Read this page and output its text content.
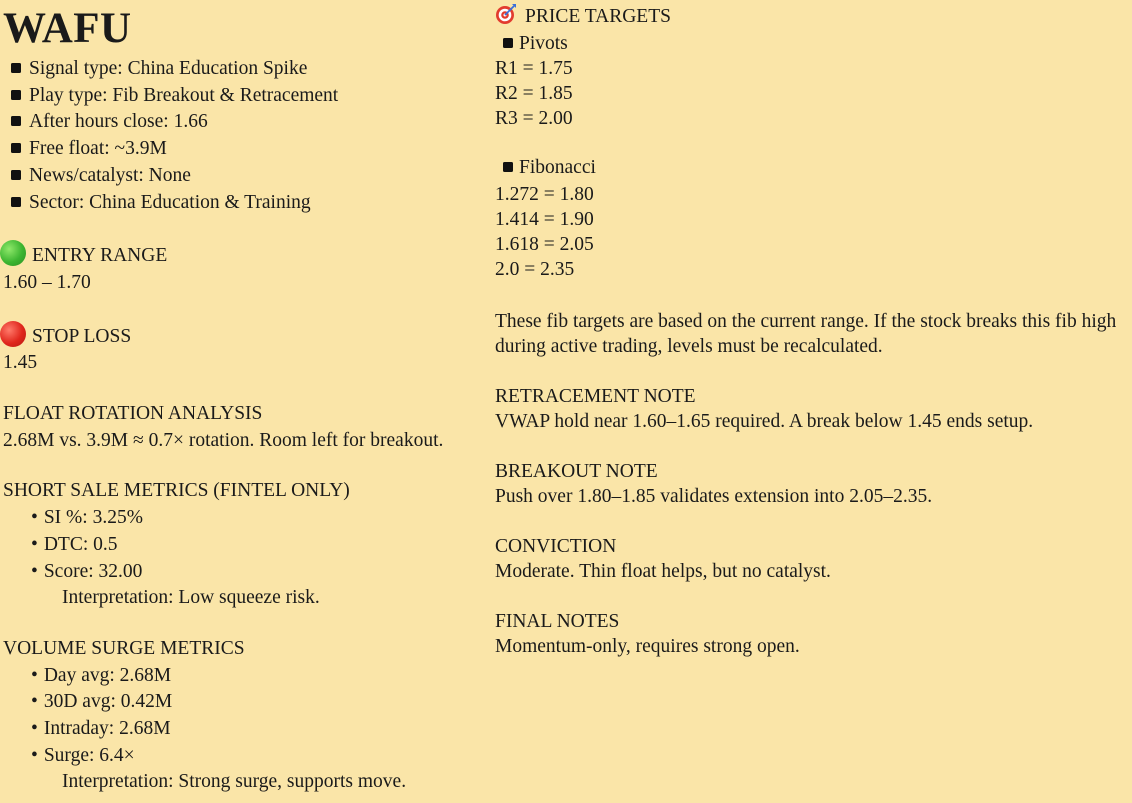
WAFU
Signal type: China Education Spike
Play type: Fib Breakout & Retracement
After hours close: 1.66
Free float: ~3.9M
News/catalyst: None
Sector: China Education & Training
ENTRY RANGE
1.60 – 1.70
STOP LOSS
1.45
FLOAT ROTATION ANALYSIS
2.68M vs. 3.9M ≈ 0.7× rotation. Room left for breakout.
SHORT SALE METRICS (FINTEL ONLY)
• SI %: 3.25%
• DTC: 0.5
• Score: 32.00
Interpretation: Low squeeze risk.
VOLUME SURGE METRICS
• Day avg: 2.68M
• 30D avg: 0.42M
• Intraday: 2.68M
• Surge: 6.4×
Interpretation: Strong surge, supports move.
PRICE TARGETS
Pivots
R1 = 1.75
R2 = 1.85
R3 = 2.00
Fibonacci
1.272 = 1.80
1.414 = 1.90
1.618 = 2.05
2.0 = 2.35
These fib targets are based on the current range. If the stock breaks this fib high during active trading, levels must be recalculated.
RETRACEMENT NOTE
VWAP hold near 1.60–1.65 required. A break below 1.45 ends setup.
BREAKOUT NOTE
Push over 1.80–1.85 validates extension into 2.05–2.35.
CONVICTION
Moderate. Thin float helps, but no catalyst.
FINAL NOTES
Momentum-only, requires strong open.
